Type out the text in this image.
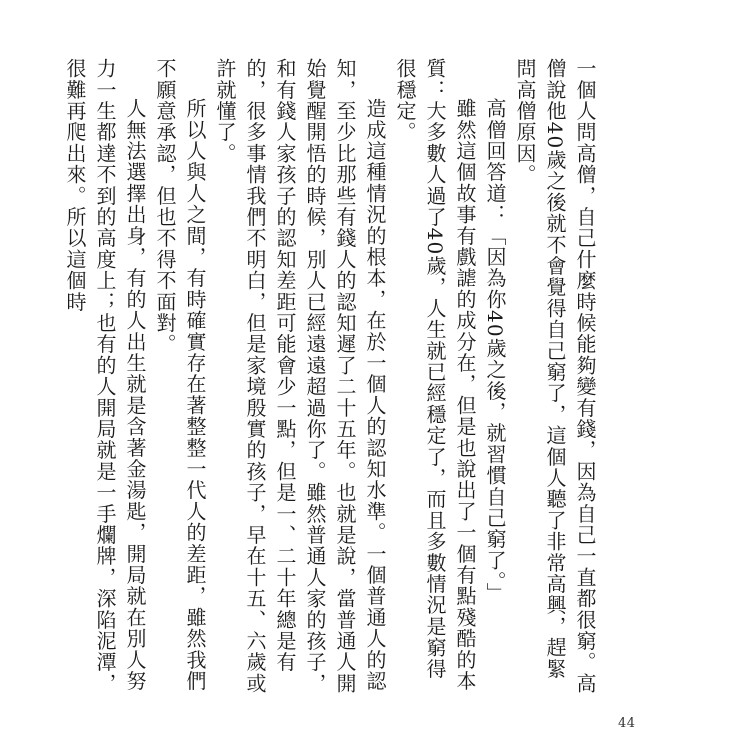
一個人問高僧，自己什麼時候能夠變有錢，因為自己一直都很窮。高僧說他40歲之後就不會覺得自己窮了，這個人聽了非常高興，趕緊問高僧原因。

高僧回答道：「因為你40歲之後，就習慣自己窮了。」

雖然這個故事有戲謔的成分在，但是也說出了一個有點殘酷的本質：大多數人過了40歲，人生就已經穩定了，而且多數情況是窮得很穩定。

造成這種情況的根本，在於一個人的認知水準。一個普通人的認知，至少比那些有錢人的認知遲了二十五年。也就是說，當普通人開始覺醒開悟的時候，別人已經遠遠超過你了。雖然普通人家的孩子，和有錢人家孩子的認知差距可能會少一點，但是一、二十年總是有的，很多事情我們不明白，但是家境殷實的孩子，早在十五、六歲或許就懂了。

所以人與人之間，有時確實存在著整整一代人的差距，雖然我們不願意承認，但也不得不面對。

人無法選擇出身，有的人出生就是含著金湯匙，開局就在別人努力一生都達不到的高度上；也有的人開局就是一手爛牌，深陷泥潭，很難再爬出來。所以這個時

44
